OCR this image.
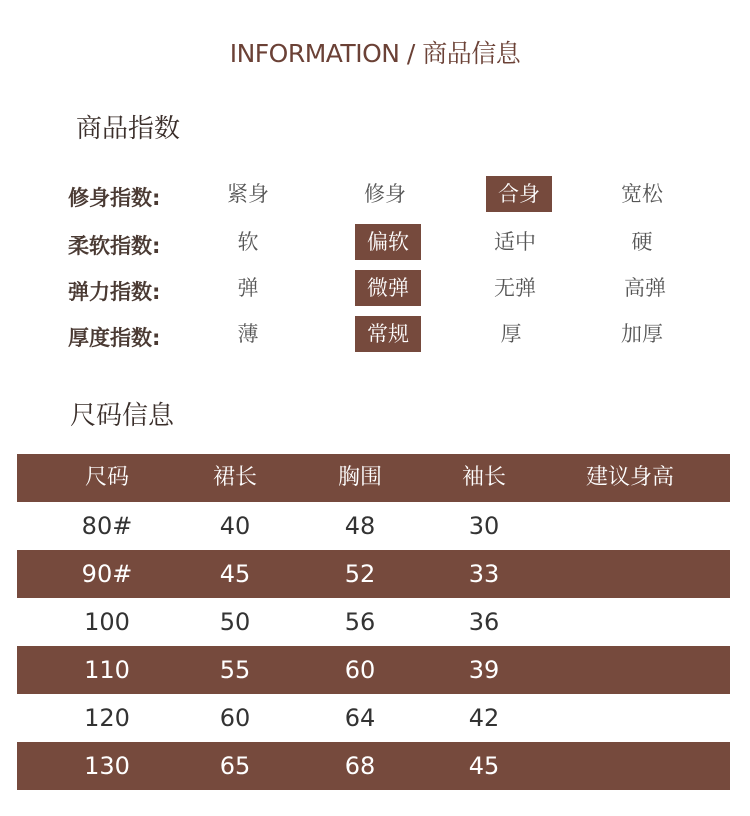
INFORMATION / 商品信息
商品指数
修身指数:	紧身	修身	合身	宽松
柔软指数:	软	偏软	适中	硬
弹力指数:	弹	微弹	无弹	高弹
厚度指数:	薄	常规	厚	加厚
尺码信息
尺码	裙长	胸围	袖长	建议身高
80#	40	48	30
90#	45	52	33
100	50	56	36
110	55	60	39
120	60	64	42
130	65	68	45
